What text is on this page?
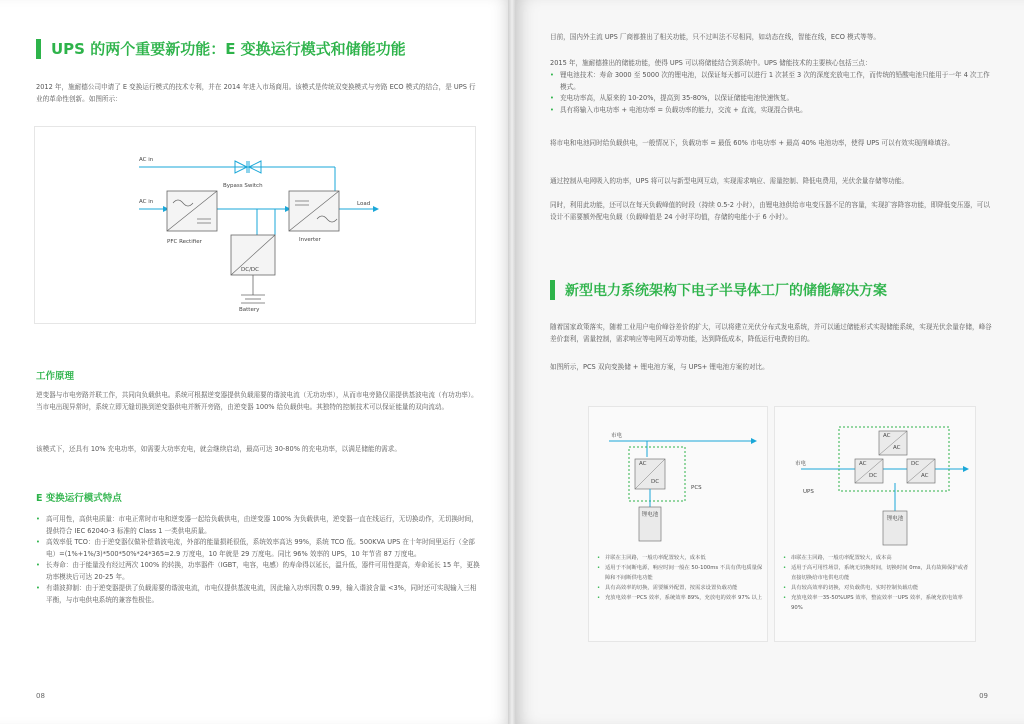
UPS 的两个重要新功能：E 变换运行模式和储能功能
2012 年，施耐德公司申请了 E 变换运行模式的技术专利，并在 2014 年进入市场商用。该模式是传统双变换模式与旁路 ECO 模式的结合，是 UPS 行业的革命性创新。如图所示：
AC in
AC in
Bypass Switch
PFC Rectifier	Inverter
DC/DC
Load
Battery
工作原理
逆变器与市电旁路并联工作，共同向负载供电。系统可根据逆变器提供负载需要的谐波电流（无功功率），从而市电旁路仅需提供基波电流（有功功率）。当市电出现异常时，系统立即无缝切换到逆变器供电并断开旁路，由逆变器 100% 给负载供电。其独特的控制技术可以保证能量的双向流动。
该模式下，还具有 10% 充电功率，如需要大功率充电，就会继续启动，最高可达 30-80% 的充电功率，以满足储能的需求。
E 变换运行模式特点
• 高可用性，高供电质量：市电正常时市电和逆变器一起给负载供电，由逆变器 100% 为负载供电，逆变器一直在线运行，无切换动作，无切换时间，提供符合 IEC 62040-3 标准的 Class 1 一类供电质量。
• 高效率低 TCO：由于逆变器仅做补偿谐波电流，外部的能量损耗很低，系统效率高达 99%，系统 TCO 低。500KVA UPS 在十年时间里运行（全部电）=(1%+1%/3)*500*50%*24*365=2.9 万度电，10 年就是 29 万度电。同比 96% 效率的 UPS，10 年节省 87 万度电。
• 长寿命：由于能量没有经过两次 100% 的转换，功率器件（IGBT，电容，电感）的寿命得以延长，温升低，器件可用性提高，寿命延长 15 年，更换功率模块后可达 20-25 年。
• 有谐波抑制：由于逆变器提供了负载需要的谐波电流，市电仅提供基波电流，因此输入功率因数 0.99，输入谐波含量 <3%，同时还可实现输入三相平衡，与市电供电系统的兼容性极佳。
08
目前，国内外主流 UPS 厂商都推出了相关功能，只不过叫法不尽相同，如动态在线，智能在线，ECO 模式等等。
2015 年，施耐德推出的储能功能，使得 UPS 可以将储能结合到系统中。UPS 储能技术的主要核心包括三点：
• 锂电池技术：寿命 3000 至 5000 次的锂电池，以保证每天都可以进行 1 次甚至 3 次的深度充放电工作，而传统的铅酸电池只能用于一年 4 次工作模式。
• 充电功率高，从原来的 10-20%，提高到 35-80%，以保证储能电池快速恢复。
• 具有将输入市电功率 + 电池功率 = 负载功率的能力，交流 + 直流，实现混合供电。
将市电和电池同时给负载供电，一般情况下，负载功率 = 最低 60% 市电功率 + 最高 40% 电池功率，使得 UPS 可以有效实现削峰填谷。
通过控制从电网吸入的功率，UPS 将可以与新型电网互动，实现需求响应、需量控制、降低电费用，光伏余量存储等功能。
同时，利用此功能，还可以在每天负载峰值的时段（持续 0.5-2 小时），由锂电池供给市电变压器不足的容量，实现扩容降容功能，即降低变压器，可以设计不需要额外配电负载（负载峰值是 24 小时平均值，存储的电能小于 6 小时）。
新型电力系统架构下电子半导体工厂的储能解决方案
随着国家政策落实，随着工业用户电价峰谷差价的扩大，可以将建立光伏分布式发电系统，并可以通过储能形式实现储能系统，实现光伏余量存储，峰谷差价套利，需量控制，需求响应等电网互动等功能，达到降低成本，降低运行电费的目的。
如图所示，PCS 双向变换储 + 锂电池方案，与 UPS+ 锂电池方案的对比。
市电
AC
DC
PCS
锂电池
• 并联在主回路，一般功率配置较大，成本低
• 适用于不间断电源，响应时间一般在 50-100ms 不具有供电质量保障和不间断供电功能
• 具有高效率的切换，需要额外配置，按需求设置负载功能
• 充放电效率一PCS 效率，系统效率 89%，充放电的效率 97% 以上
市电
UPS
AC
AC
AC
DC
DC
AC
锂电池
• 串联在主回路，一般功率配置较大，成本高
• 适用于高可用性场景，系统无切换时间，切换时间 0ms，具有故障保护或者直接切换给市电供电功能
• 具有较高效率的切换，对负载供电，实时控制负载功能
• 充放电效率一35-50%UPS 效率，整流效率一UPS 效率，系统充放电效率 90%
09
